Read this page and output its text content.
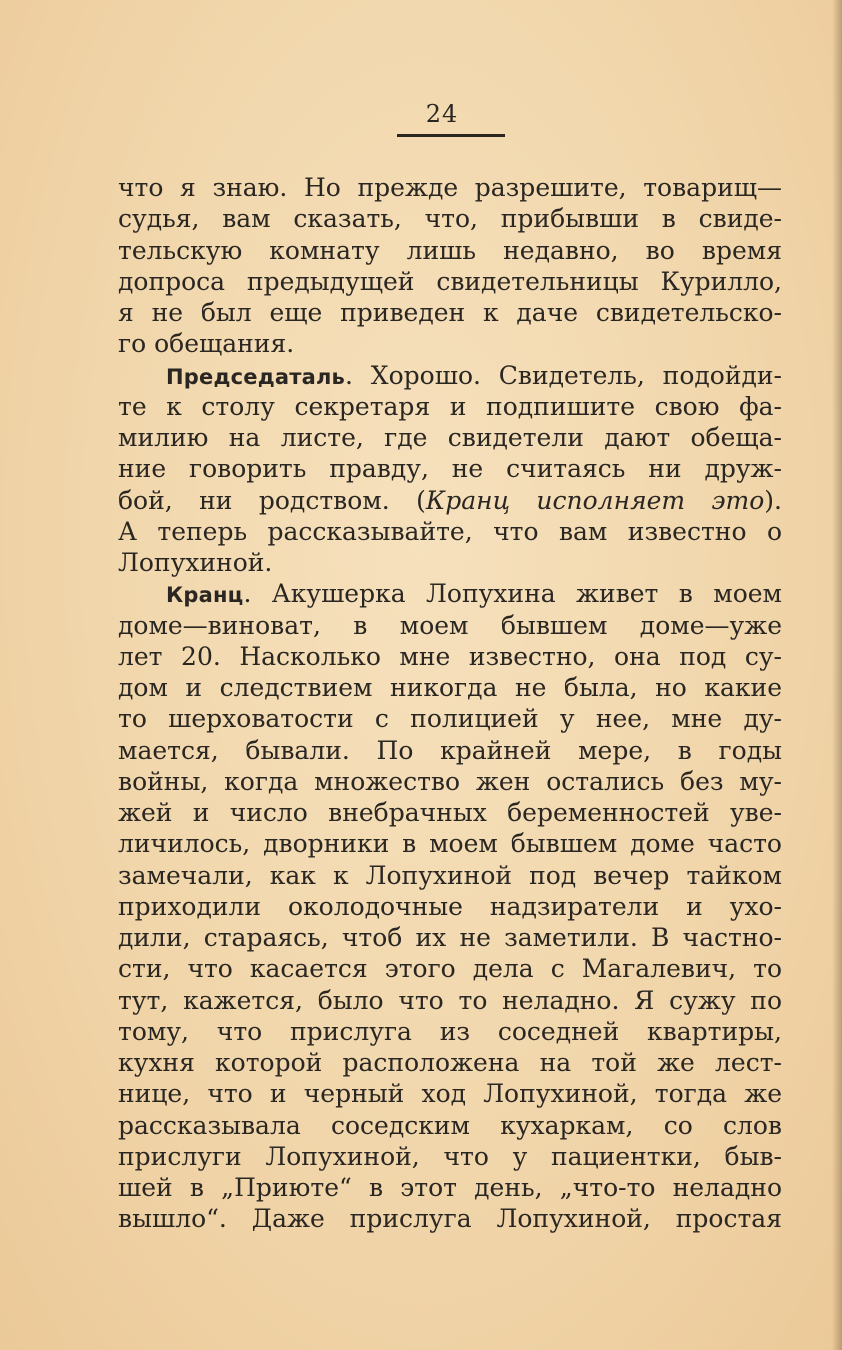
24
что я знаю. Но прежде разрешите, товарищ—
судья, вам сказать, что, прибывши в свиде-
тельскую комнату лишь недавно, во время
допроса предыдущей свидетельницы Курилло,
я не был еще приведен к даче свидетельско-
го обещания.
Председаталь. Хорошо. Свидетель, подойди-
те к столу секретаря и подпишите свою фа-
милию на листе, где свидетели дают обеща-
ние говорить правду, не считаясь ни друж-
бой, ни родством. (Кранц исполняет это).
А теперь рассказывайте, что вам известно о
Лопухиной.
Кранц. Акушерка Лопухина живет в моем
доме—виноват, в моем бывшем доме—уже
лет 20. Насколько мне известно, она под су-
дом и следствием никогда не была, но какие
то шерховатости с полицией у нее, мне ду-
мается, бывали. По крайней мере, в годы
войны, когда множество жен остались без му-
жей и число внебрачных беременностей уве-
личилось, дворники в моем бывшем доме часто
замечали, как к Лопухиной под вечер тайком
приходили околодочные надзиратели и ухо-
дили, стараясь, чтоб их не заметили. В частно-
сти, что касается этого дела с Магалевич, то
тут, кажется, было что то неладно. Я сужу по
тому, что прислуга из соседней квартиры,
кухня которой расположена на той же лест-
нице, что и черный ход Лопухиной, тогда же
рассказывала соседским кухаркам, со слов
прислуги Лопухиной, что у пациентки, быв-
шей в „Приюте“ в этот день, „что-то неладно
вышло“. Даже прислуга Лопухиной, простая
